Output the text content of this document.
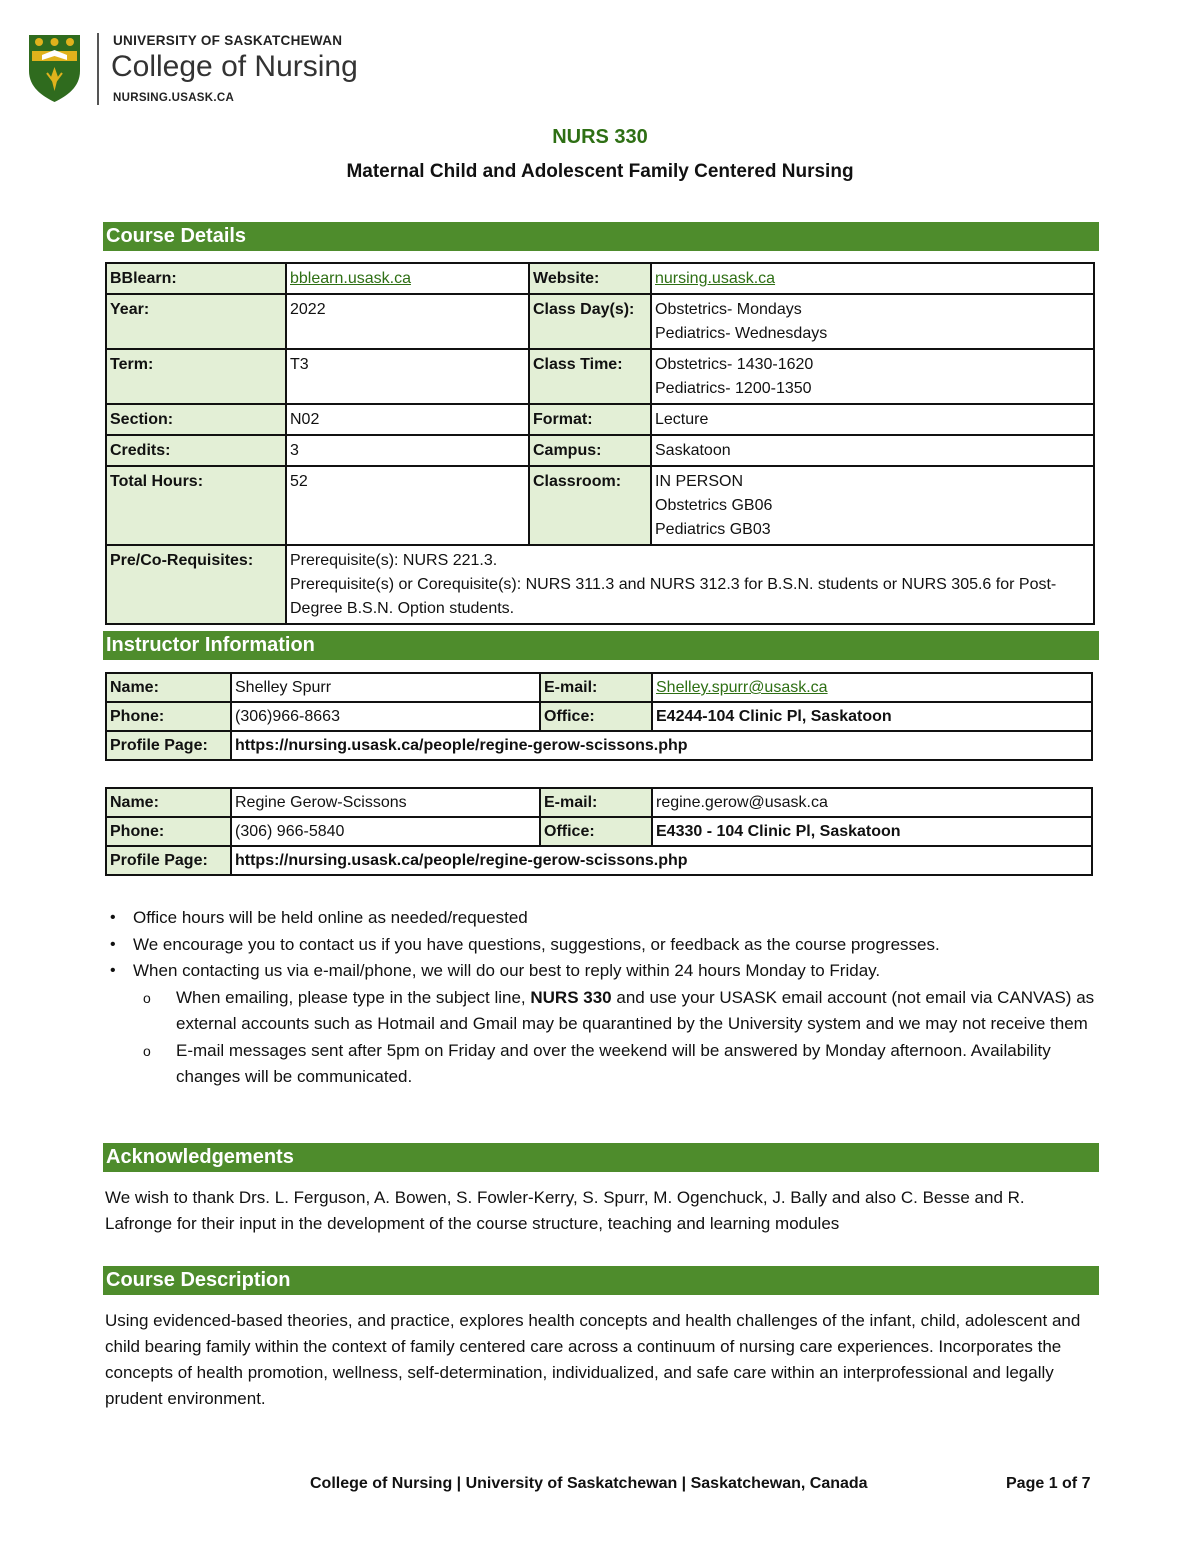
UNIVERSITY OF SASKATCHEWAN
College of Nursing
NURSING.USASK.CA
NURS 330
Maternal Child and Adolescent Family Centered Nursing
Course Details
BBlearn:	bblearn.usask.ca	Website:	nursing.usask.ca
Year:	2022	Class Day(s):	Obstetrics- Mondays
Pediatrics- Wednesdays

Term:	T3	Class Time:	Obstetrics- 1430-1620
Pediatrics- 1200-1350

Section:	N02	Format:	Lecture
Credits:	3	Campus:	Saskatoon
Total Hours:	52	Classroom:	IN PERSON
Obstetrics GB06
Pediatrics GB03

Pre/Co-Requisites:	Prerequisite(s): NURS 221.3.
Prerequisite(s) or Corequisite(s): NURS 311.3 and NURS 312.3 for B.S.N. students or NURS 305.6 for Post-Degree B.S.N. Option students.		
Instructor Information
Name:	Shelley Spurr	E-mail:	Shelley.spurr@usask.ca
Phone:	(306)966-8663	Office:	E4244-104 Clinic Pl, Saskatoon
Profile Page:	https://nursing.usask.ca/people/regine-gerow-scissons.php		
Name:	Regine Gerow-Scissons	E-mail:	regine.gerow@usask.ca
Phone:	(306) 966-5840	Office:	E4330 - 104 Clinic Pl, Saskatoon
Profile Page:	https://nursing.usask.ca/people/regine-gerow-scissons.php		
• Office hours will be held online as needed/requested
• We encourage you to contact us if you have questions, suggestions, or feedback as the course progresses.
• When contacting us via e-mail/phone, we will do our best to reply within 24 hours Monday to Friday.
o When emailing, please type in the subject line, NURS 330 and use your USASK email account (not email via CANVAS) as external accounts such as Hotmail and Gmail may be quarantined by the University system and we may not receive them
o E-mail messages sent after 5pm on Friday and over the weekend will be answered by Monday afternoon. Availability changes will be communicated.
Acknowledgements
We wish to thank Drs. L. Ferguson, A. Bowen, S. Fowler-Kerry, S. Spurr, M. Ogenchuck, J. Bally and also C. Besse and R. Lafronge for their input in the development of the course structure, teaching and learning modules
Course Description
Using evidenced-based theories, and practice, explores health concepts and health challenges of the infant, child, adolescent and child bearing family within the context of family centered care across a continuum of nursing care experiences. Incorporates the concepts of health promotion, wellness, self-determination, individualized, and safe care within an interprofessional and legally prudent environment.
College of Nursing | University of Saskatchewan | Saskatchewan, Canada	Page 1 of 7
